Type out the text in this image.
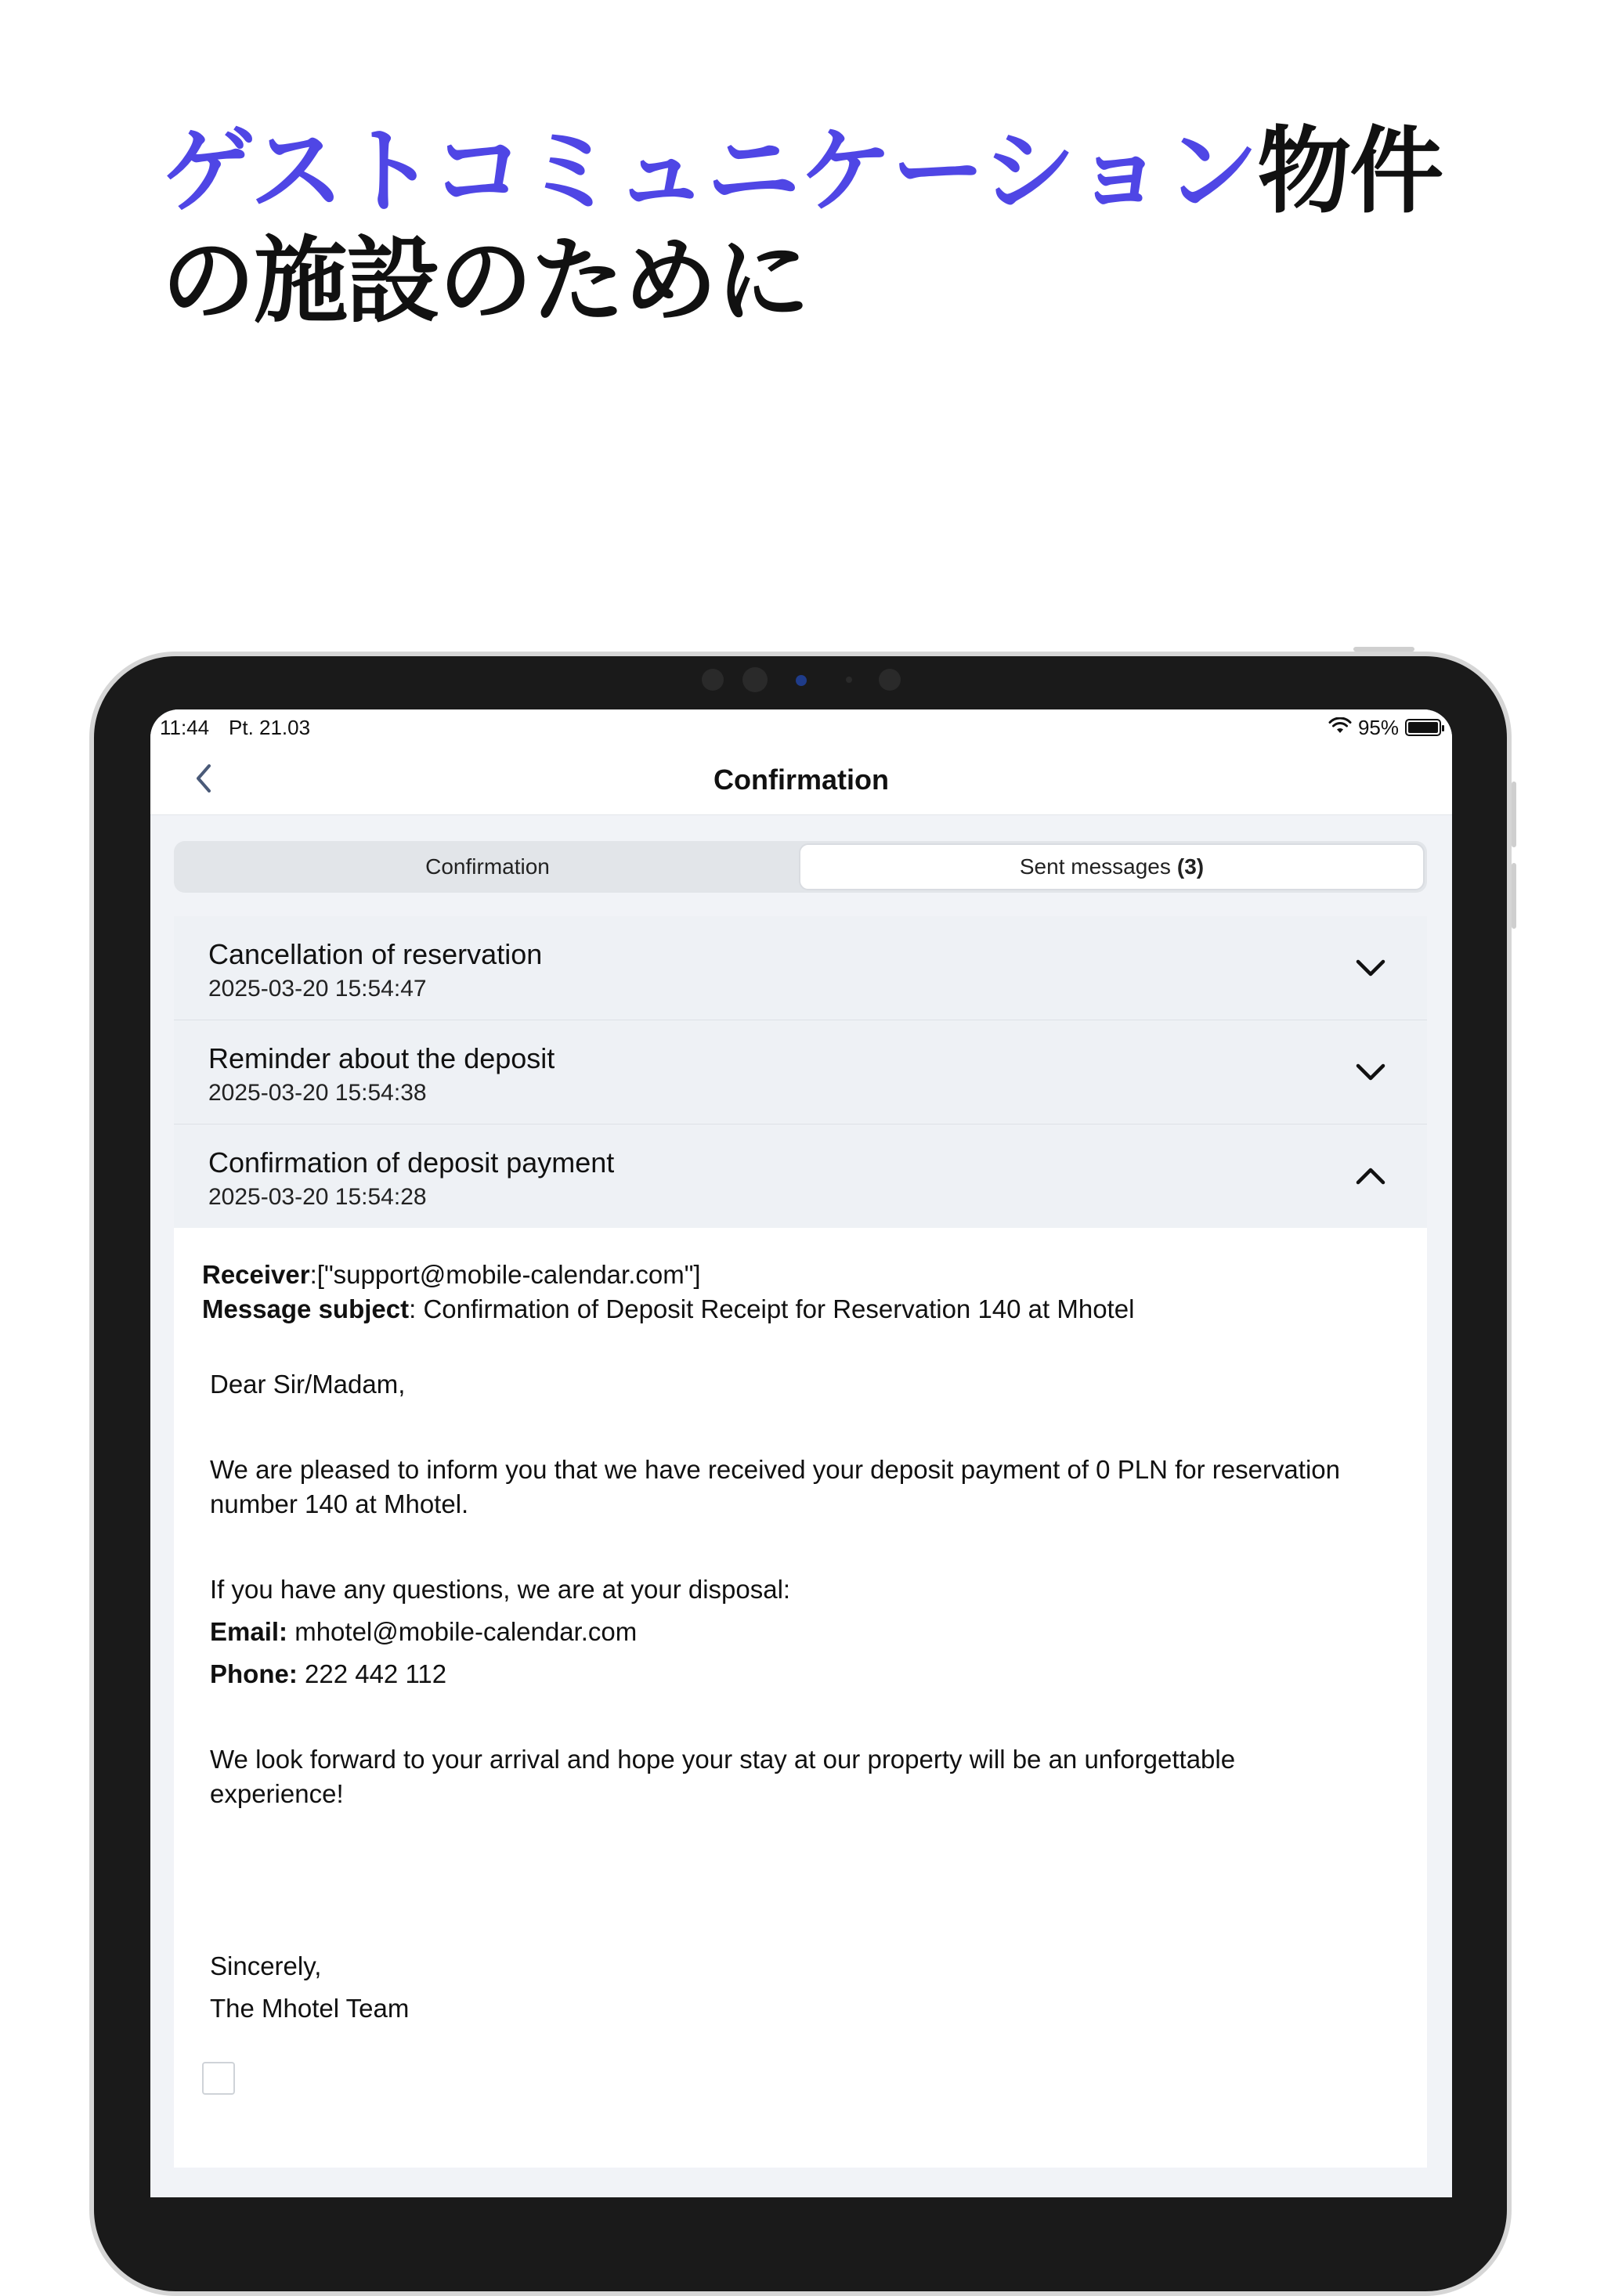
ゲストコミュニケーション物件の施設のために
11:44 Pt. 21.03	95%
Confirmation
Confirmation	Sent messages (3)
Cancellation of reservation
2025-03-20 15:54:47
Reminder about the deposit
2025-03-20 15:54:38
Confirmation of deposit payment
2025-03-20 15:54:28

Receiver:["support@mobile-calendar.com"]

Message subject: Confirmation of Deposit Receipt for Reservation 140 at Mhotel

Dear Sir/Madam,

We are pleased to inform you that we have received your deposit payment of 0 PLN for reservation number 140 at Mhotel.

If you have any questions, we are at your disposal:

Email: mhotel@mobile-calendar.com

Phone: 222 442 112

We look forward to your arrival and hope your stay at our property will be an unforgettable experience!

Sincerely,

The Mhotel Team
